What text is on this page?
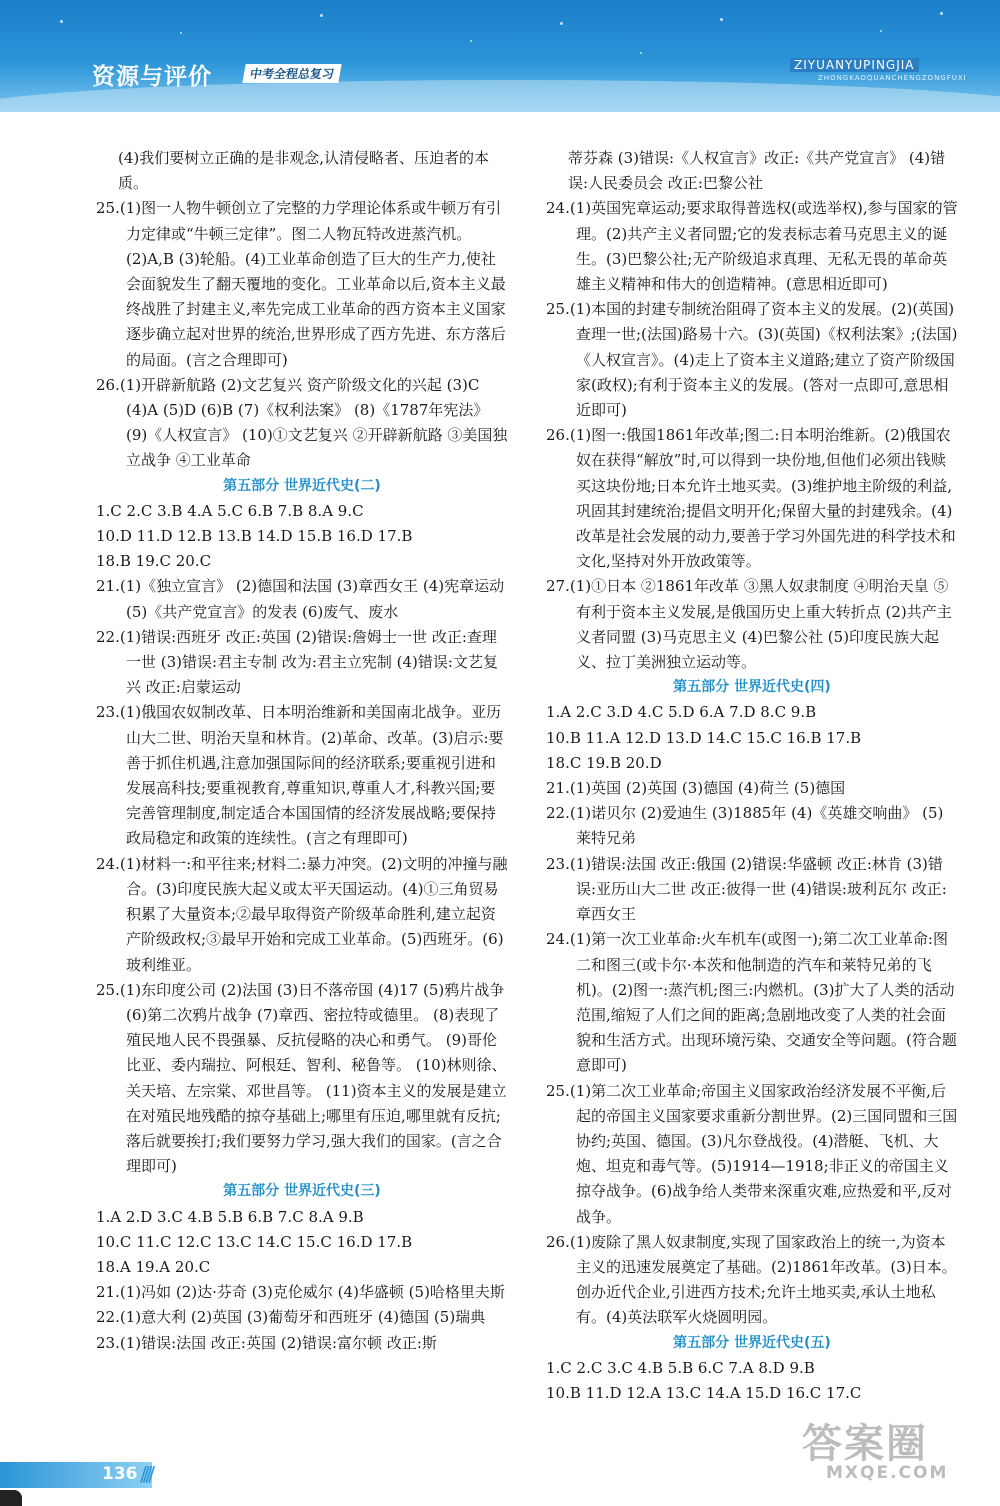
资源与评价	中考全程总复习
ZIYUANYUPINGJIA
ZHONGKAOQUANCHENGZONGFUXI
(4)我们要树立正确的是非观念,认清侵略者、压迫者的本质。
25.(1)图一人物牛顿创立了完整的力学理论体系或牛顿万有引力定律或“牛顿三定律”。图二人物瓦特改进蒸汽机。(2)A,B (3)轮船。(4)工业革命创造了巨大的生产力,使社会面貌发生了翻天覆地的变化。工业革命以后,资本主义最终战胜了封建主义,率先完成工业革命的西方资本主义国家逐步确立起对世界的统治,世界形成了西方先进、东方落后的局面。(言之合理即可)
26.(1)开辟新航路 (2)文艺复兴 资产阶级文化的兴起 (3)C (4)A (5)D (6)B (7)《权利法案》 (8)《1787年宪法》 (9)《人权宣言》 (10)①文艺复兴 ②开辟新航路 ③美国独立战争 ④工业革命
第五部分 世界近代史(二)
1.C 2.C 3.B 4.A 5.C 6.B 7.B 8.A 9.C
10.D 11.D 12.B 13.B 14.D 15.B 16.D 17.B
18.B 19.C 20.C
21.(1)《独立宣言》 (2)德国和法国 (3)章西女王 (4)宪章运动 (5)《共产党宣言》的发表 (6)废气、废水
22.(1)错误:西班牙 改正:英国 (2)错误:詹姆士一世 改正:查理一世 (3)错误:君主专制 改为:君主立宪制 (4)错误:文艺复兴 改正:启蒙运动
23.(1)俄国农奴制改革、日本明治维新和美国南北战争。亚历山大二世、明治天皇和林肯。(2)革命、改革。(3)启示:要善于抓住机遇,注意加强国际间的经济联系;要重视引进和发展高科技;要重视教育,尊重知识,尊重人才,科教兴国;要完善管理制度,制定适合本国国情的经济发展战略;要保持政局稳定和政策的连续性。(言之有理即可)
24.(1)材料一:和平往来;材料二:暴力冲突。(2)文明的冲撞与融合。(3)印度民族大起义或太平天国运动。(4)①三角贸易积累了大量资本;②最早取得资产阶级革命胜利,建立起资产阶级政权;③最早开始和完成工业革命。(5)西班牙。(6)玻利维亚。
25.(1)东印度公司 (2)法国 (3)日不落帝国 (4)17 (5)鸦片战争 (6)第二次鸦片战争 (7)章西、密拉特或德里。 (8)表现了殖民地人民不畏强暴、反抗侵略的决心和勇气。 (9)哥伦比亚、委内瑞拉、阿根廷、智利、秘鲁等。 (10)林则徐、关天培、左宗棠、邓世昌等。 (11)资本主义的发展是建立在对殖民地残酷的掠夺基础上;哪里有压迫,哪里就有反抗;落后就要挨打;我们要努力学习,强大我们的国家。(言之合理即可)
第五部分 世界近代史(三)
1.A 2.D 3.C 4.B 5.B 6.B 7.C 8.A 9.B
10.C 11.C 12.C 13.C 14.C 15.C 16.D 17.B
18.A 19.A 20.C
21.(1)冯如 (2)达·芬奇 (3)克伦威尔 (4)华盛顿 (5)哈格里夫斯
22.(1)意大利 (2)英国 (3)葡萄牙和西班牙 (4)德国 (5)瑞典
23.(1)错误:法国 改正:英国 (2)错误:富尔顿 改正:斯
蒂芬森 (3)错误:《人权宣言》改正:《共产党宣言》 (4)错误:人民委员会 改正:巴黎公社
24.(1)英国宪章运动;要求取得普选权(或选举权),参与国家的管理。(2)共产主义者同盟;它的发表标志着马克思主义的诞生。(3)巴黎公社;无产阶级追求真理、无私无畏的革命英雄主义精神和伟大的创造精神。(意思相近即可)
25.(1)本国的封建专制统治阻碍了资本主义的发展。(2)(英国)查理一世;(法国)路易十六。(3)(英国)《权利法案》;(法国)《人权宣言》。(4)走上了资本主义道路;建立了资产阶级国家(政权);有利于资本主义的发展。(答对一点即可,意思相近即可)
26.(1)图一:俄国1861年改革;图二:日本明治维新。(2)俄国农奴在获得“解放”时,可以得到一块份地,但他们必须出钱赎买这块份地;日本允许土地买卖。(3)维护地主阶级的利益,巩固其封建统治;提倡文明开化;保留大量的封建残余。(4)改革是社会发展的动力,要善于学习外国先进的科学技术和文化,坚持对外开放政策等。
27.(1)①日本 ②1861年改革 ③黑人奴隶制度 ④明治天皇 ⑤有利于资本主义发展,是俄国历史上重大转折点 (2)共产主义者同盟 (3)马克思主义 (4)巴黎公社 (5)印度民族大起义、拉丁美洲独立运动等。
第五部分 世界近代史(四)
1.A 2.C 3.D 4.C 5.D 6.A 7.D 8.C 9.B
10.B 11.A 12.D 13.D 14.C 15.C 16.B 17.B
18.C 19.B 20.D
21.(1)英国 (2)英国 (3)德国 (4)荷兰 (5)德国
22.(1)诺贝尔 (2)爱迪生 (3)1885年 (4)《英雄交响曲》 (5)莱特兄弟
23.(1)错误:法国 改正:俄国 (2)错误:华盛顿 改正:林肯 (3)错误:亚历山大二世 改正:彼得一世 (4)错误:玻利瓦尔 改正:章西女王
24.(1)第一次工业革命:火车机车(或图一);第二次工业革命:图二和图三(或卡尔·本茨和他制造的汽车和莱特兄弟的飞机)。(2)图一:蒸汽机;图三:内燃机。(3)扩大了人类的活动范围,缩短了人们之间的距离;急剧地改变了人类的社会面貌和生活方式。出现环境污染、交通安全等问题。(符合题意即可)
25.(1)第二次工业革命;帝国主义国家政治经济发展不平衡,后起的帝国主义国家要求重新分割世界。(2)三国同盟和三国协约;英国、德国。(3)凡尔登战役。(4)潜艇、飞机、大炮、坦克和毒气等。(5)1914—1918;非正义的帝国主义掠夺战争。(6)战争给人类带来深重灾难,应热爱和平,反对战争。
26.(1)废除了黑人奴隶制度,实现了国家政治上的统一,为资本主义的迅速发展奠定了基础。(2)1861年改革。(3)日本。创办近代企业,引进西方技术;允许土地买卖,承认土地私有。(4)英法联军火烧圆明园。
第五部分 世界近代史(五)
1.C 2.C 3.C 4.B 5.B 6.C 7.A 8.D 9.B
10.B 11.D 12.A 13.C 14.A 15.D 16.C 17.C
136 ////
答案圈
MXQE.COM
